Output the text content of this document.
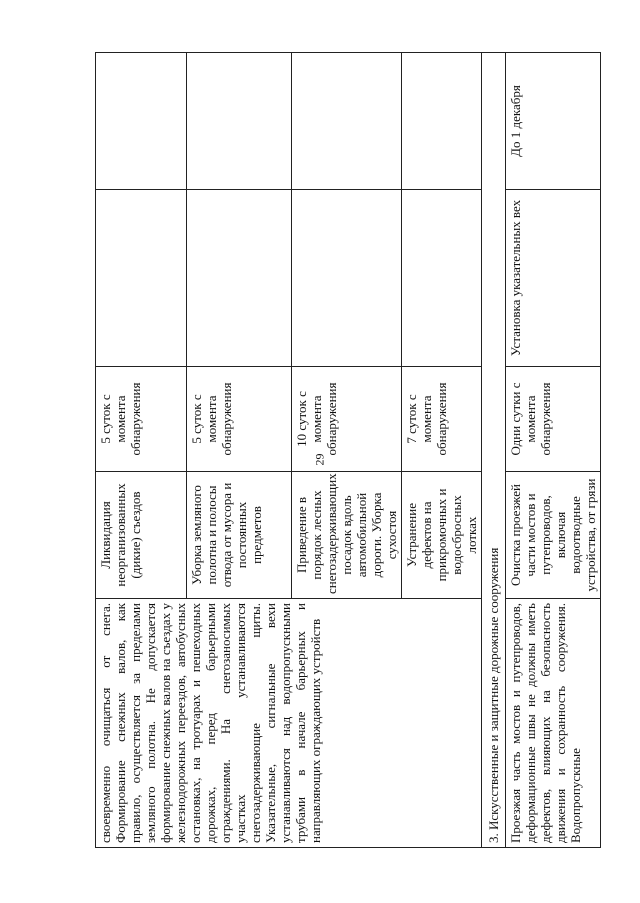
29
своевременно очищаться от снега. Формирование снежных валов, как правило, осуществляется за пределами земляного полотна. Не допускается формирование снежных валов на съездах у железнодорожных переездов, автобусных остановках, на тротуарах и пешеходных дорожках, перед барьерными ограждениями. На снегозаносимых участках устанавливаются снегозадерживающие щиты. Указательные, сигнальные вехи устанавливаются над водопропускными трубами в начале барьерных и направляющих ограждающих устройств	Ликвидация неорганизованных (дикие) съездов	5 суток с момента обнаружения		
	Уборка земляного полотна и полосы отвода от мусора и постоянных предметов	5 суток с момента обнаружения		
	Приведение в порядок лесных снегозадерживающих посадок вдоль автомобильной дороги. Уборка сухостоя	10 суток с момента обнаружения		
	Устранение дефектов на прикромочных и водосбросных лотках	7 суток с момента обнаружения		
3. Искусственные и защитные дорожные сооружения				
Проезжая часть мостов и путепроводов, деформационные швы не должны иметь дефектов, влияющих на безопасность движения и сохранность сооружения. Водопропускные	Очистка проезжей части мостов и путепроводов, включая водоотводные устройства, от грязи	Одни сутки с момента обнаружения	Установка указательных вех	До 1 декабря
